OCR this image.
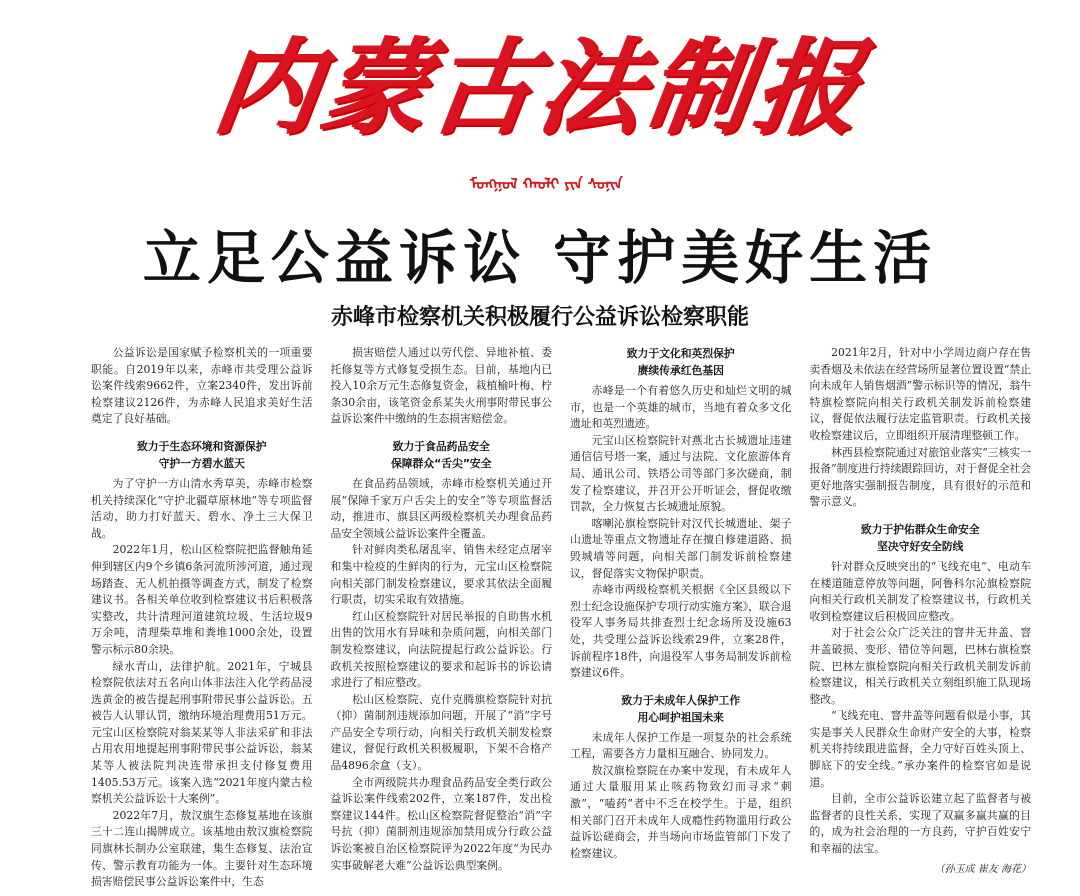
内蒙古法制报
ᠮᠣᠩᠭᠣᠯ ᠬᠠᠤᠯᠢ ᠶᠢᠨ ᠰᠣᠨᠢᠨ
立足公益诉讼 守护美好生活
赤峰市检察机关积极履行公益诉讼检察职能

公益诉讼是国家赋予检察机关的一项重要职能。自2019年以来，赤峰市共受理公益诉讼案件线索9662件，立案2340件，发出诉前检察建议2126件，为赤峰人民追求美好生活奠定了良好基础。

致力于生态环境和资源保护
守护一方碧水蓝天

为了守护一方山清水秀草美，赤峰市检察机关持续深化“守护北疆草原林地”等专项监督活动，助力打好蓝天、碧水、净土三大保卫战。

2022年1月，松山区检察院把监督触角延伸到辖区内9个乡镇6条河流所涉河道，通过现场踏查、无人机拍摄等调查方式，制发了检察建议书。各相关单位收到检察建议书后积极落实整改，共计清理河道建筑垃圾、生活垃圾9万余吨，清理柴草堆和粪堆1000余处，设置警示标示80余块。

绿水青山，法律护航。2021年，宁城县检察院依法对五名向山体非法注入化学药品浸选黄金的被告提起刑事附带民事公益诉讼。五被告人认罪认罚，缴纳环境治理费用51万元。元宝山区检察院对翁某某等人非法采矿和非法占用农用地提起刑事附带民事公益诉讼，翁某某等人被法院判决连带承担支付修复费用1405.53万元。该案入选“2021年度内蒙古检察机关公益诉讼十大案例”。

2022年7月，敖汉旗生态修复基地在该旗三十二连山揭牌成立。该基地由敖汉旗检察院同旗林长制办公室联建，集生态修复、法治宣传、警示教育功能为一体。主要针对生态环境损害赔偿民事公益诉讼案件中，生态

损害赔偿人通过以劳代偿、异地补植、委托修复等方式修复受损生态。目前，基地内已投入10余万元生态修复资金，栽植榆叶梅、柠条30余亩，该笔资金系某失火刑事附带民事公益诉讼案件中缴纳的生态损害赔偿金。

致力于食品药品安全
保障群众“舌尖”安全

在食品药品领域，赤峰市检察机关通过开展“保障千家万户舌尖上的安全”等专项监督活动，推进市、旗县区两级检察机关办理食品药品安全领域公益诉讼案件全覆盖。

针对鲜肉类私屠乱宰、销售未经定点屠宰和集中检疫的生鲜肉的行为，元宝山区检察院向相关部门制发检察建议，要求其依法全面履行职责，切实采取有效措施。

红山区检察院针对居民举报的自助售水机出售的饮用水有异味和杂质问题，向相关部门制发检察建议，向法院提起行政公益诉讼。行政机关按照检察建议的要求和起诉书的诉讼请求进行了相应整改。

松山区检察院、克什克腾旗检察院针对抗（抑）菌制剂违规添加问题，开展了“消”字号产品安全专项行动，向相关行政机关制发检察建议，督促行政机关积极履职，下架不合格产品4896余盒（支）。

全市两级院共办理食品药品安全类行政公益诉讼案件线索202件，立案187件，发出检察建议144件。松山区检察院督促整治“消”字号抗（抑）菌制剂违规添加禁用成分行政公益诉讼案被自治区检察院评为2022年度“为民办实事破解老大难”公益诉讼典型案例。

致力于文化和英烈保护
赓续传承红色基因

赤峰是一个有着悠久历史和灿烂文明的城市，也是一个英雄的城市，当地有着众多文化遗址和英烈遗迹。

元宝山区检察院针对燕北古长城遗址违建通信信号塔一案，通过与法院、文化旅游体育局、通讯公司、铁塔公司等部门多次磋商，制发了检察建议，并召开公开听证会，督促收缴罚款，全力恢复古长城遗址原貌。

喀喇沁旗检察院针对汉代长城遗址、架子山遗址等重点文物遗址存在擅自修建道路、损毁城墙等问题，向相关部门制发诉前检察建议，督促落实文物保护职责。

赤峰市两级检察机关根据《全区县级以下烈士纪念设施保护专项行动实施方案》，联合退役军人事务局共排查烈士纪念场所及设施63处，共受理公益诉讼线索29件，立案28件，诉前程序18件，向退役军人事务局制发诉前检察建议6件。

致力于未成年人保护工作
用心呵护祖国未来

未成年人保护工作是一项复杂的社会系统工程，需要各方力量相互融合、协同发力。

敖汉旗检察院在办案中发现，有未成年人通过大量服用某止咳药物致幻而寻求“刺激”，“嗑药”者中不乏在校学生。于是，组织相关部门召开未成年人成瘾性药物滥用行政公益诉讼磋商会，并当场向市场监管部门下发了检察建议。

2021年2月，针对中小学周边商户存在售卖香烟及未依法在经营场所显著位置设置“禁止向未成年人销售烟酒”警示标识等的情况，翁牛特旗检察院向相关行政机关制发诉前检察建议，督促依法履行法定监管职责。行政机关接收检察建议后，立即组织开展清理整顿工作。

林西县检察院通过对旅馆业落实“三核实一报备”制度进行持续跟踪回访，对于督促全社会更好地落实强制报告制度，具有很好的示范和警示意义。

致力于护佑群众生命安全
坚决守好安全防线

针对群众反映突出的“飞线充电”、电动车在楼道随意停放等问题，阿鲁科尔沁旗检察院向相关行政机关制发了检察建议书，行政机关收到检察建议后积极回应整改。

对于社会公众广泛关注的窨井无井盖、窨井盖破损、变形、错位等问题，巴林右旗检察院、巴林左旗检察院向相关行政机关制发诉前检察建议，相关行政机关立刻组织施工队现场整改。

“飞线充电、窨井盖等问题看似是小事，其实是事关人民群众生命财产安全的大事，检察机关将持续跟进监督，全力守好百姓头顶上、脚底下的安全线。”承办案件的检察官如是说道。

目前，全市公益诉讼建立起了监督者与被监督者的良性关系，实现了双赢多赢共赢的目的，成为社会治理的一方良药，守护百姓安宁和幸福的法宝。

（孙玉成 崔友 海花）
